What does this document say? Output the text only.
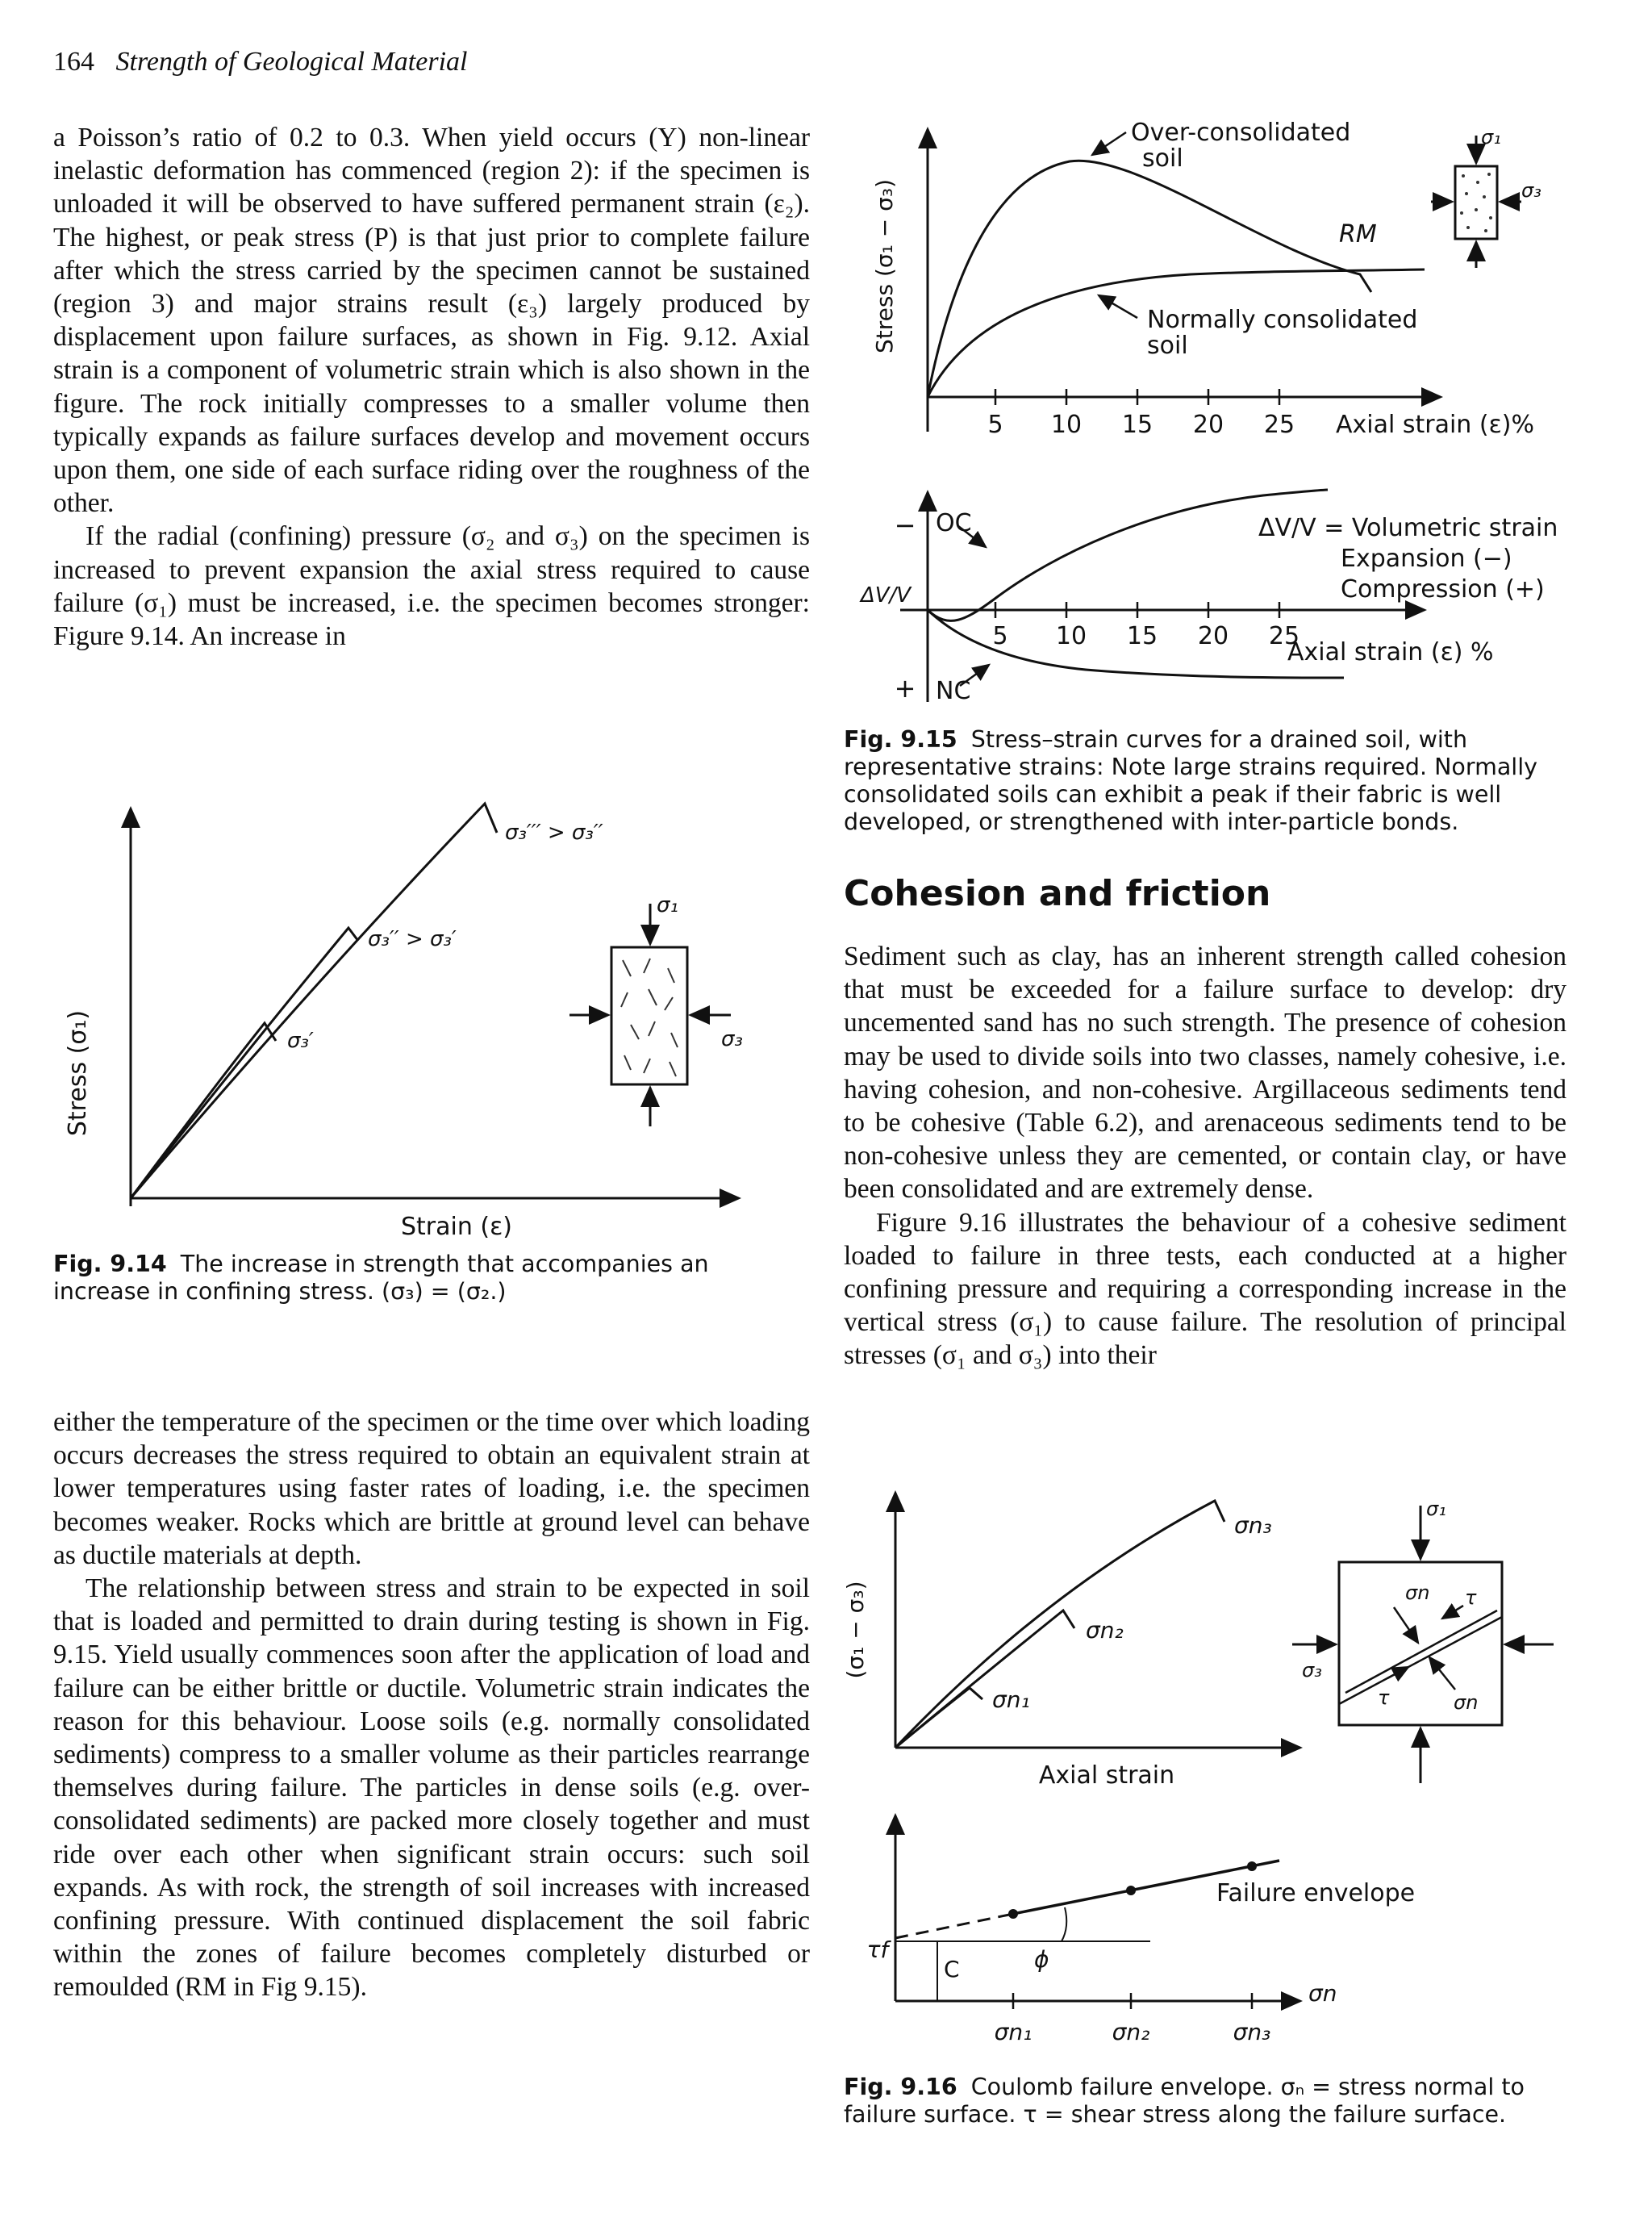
164 Strength of Geological Material

a Poisson’s ratio of 0.2 to 0.3. When yield occurs (Y) non-linear inelastic deformation has commenced (region 2): if the specimen is unloaded it will be observed to have suffered permanent strain (ε₂). The highest, or peak stress (P) is that just prior to complete failure after which the stress carried by the specimen cannot be sustained (region 3) and major strains result (ε₃) largely produced by displacement upon failure surfaces, as shown in Fig. 9.12. Axial strain is a component of volumetric strain which is also shown in the figure. The rock initially compresses to a smaller volume then typically expands as failure surfaces develop and movement occurs upon them, one side of each surface riding over the roughness of the other.

If the radial (confining) pressure (σ₂ and σ₃) on the specimen is increased to prevent expansion the axial stress required to cause failure (σ₁) must be increased, i.e. the specimen becomes stronger: Figure 9.14. An increase in

σ₃′′′ > σ₃′′
σ₃′′ > σ₃′
σ₃′
Stress (σ₁)
Strain (ε)
σ₁
σ₃
Fig. 9.14 The increase in strength that accompanies an increase in confining stress. (σ₃) = (σ₂.)

either the temperature of the specimen or the time over which loading occurs decreases the stress required to obtain an equivalent strain at lower temperatures using faster rates of loading, i.e. the specimen becomes weaker. Rocks which are brittle at ground level can behave as ductile materials at depth.

The relationship between stress and strain to be expected in soil that is loaded and permitted to drain during testing is shown in Fig. 9.15. Yield usually commences soon after the application of load and failure can be either brittle or ductile. Volumetric strain indicates the reason for this behaviour. Loose soils (e.g. normally consolidated sediments) compress to a smaller volume as their particles rearrange themselves during failure. The particles in dense soils (e.g. over-consolidated sediments) are packed more closely together and must ride over each other when significant strain occurs: such soil expands. As with rock, the strength of soil increases with increased confining pressure. With continued displacement the soil fabric within the zones of failure becomes completely disturbed or remoulded (RM in Fig 9.15).

5 10 15 20 25 Axial strain (ε)%
Stress (σ₁ − σ₃)
Over-consolidated
soil
Normally consolidated
soil
RM
σ₁
σ₃
5 10 15 20 25
Axial strain (ε) %
ΔV/V
−
+
OC
NC
ΔV/V = Volumetric strain
Expansion (−)
Compression (+)
Fig. 9.15 Stress–strain curves for a drained soil, with representative strains: Note large strains required. Normally consolidated soils can exhibit a peak if their fabric is well developed, or strengthened with inter-particle bonds.
Cohesion and friction

Sediment such as clay, has an inherent strength called cohesion that must be exceeded for a failure surface to develop: dry uncemented sand has no such strength. The presence of cohesion may be used to divide soils into two classes, namely cohesive, i.e. having cohesion, and non-cohesive. Argillaceous sediments tend to be cohesive (Table 6.2), and arenaceous sediments tend to be non-cohesive unless they are cemented, or contain clay, or have been consolidated and are extremely dense.

Figure 9.16 illustrates the behaviour of a cohesive sediment loaded to failure in three tests, each conducted at a higher confining pressure and requiring a corresponding increase in the vertical stress (σ₁) to cause failure. The resolution of principal stresses (σ₁ and σ₃) into their

σn₃
σn₂
σn₁
(σ₁ − σ₃)
Axial strain
σ₁
σ₃
σn
σn
τ
τ
τf
C	ϕ
Failure envelope
σn
σn₁	σn₂	σn₃
Fig. 9.16 Coulomb failure envelope. σₙ = stress normal to failure surface. τ = shear stress along the failure surface.
